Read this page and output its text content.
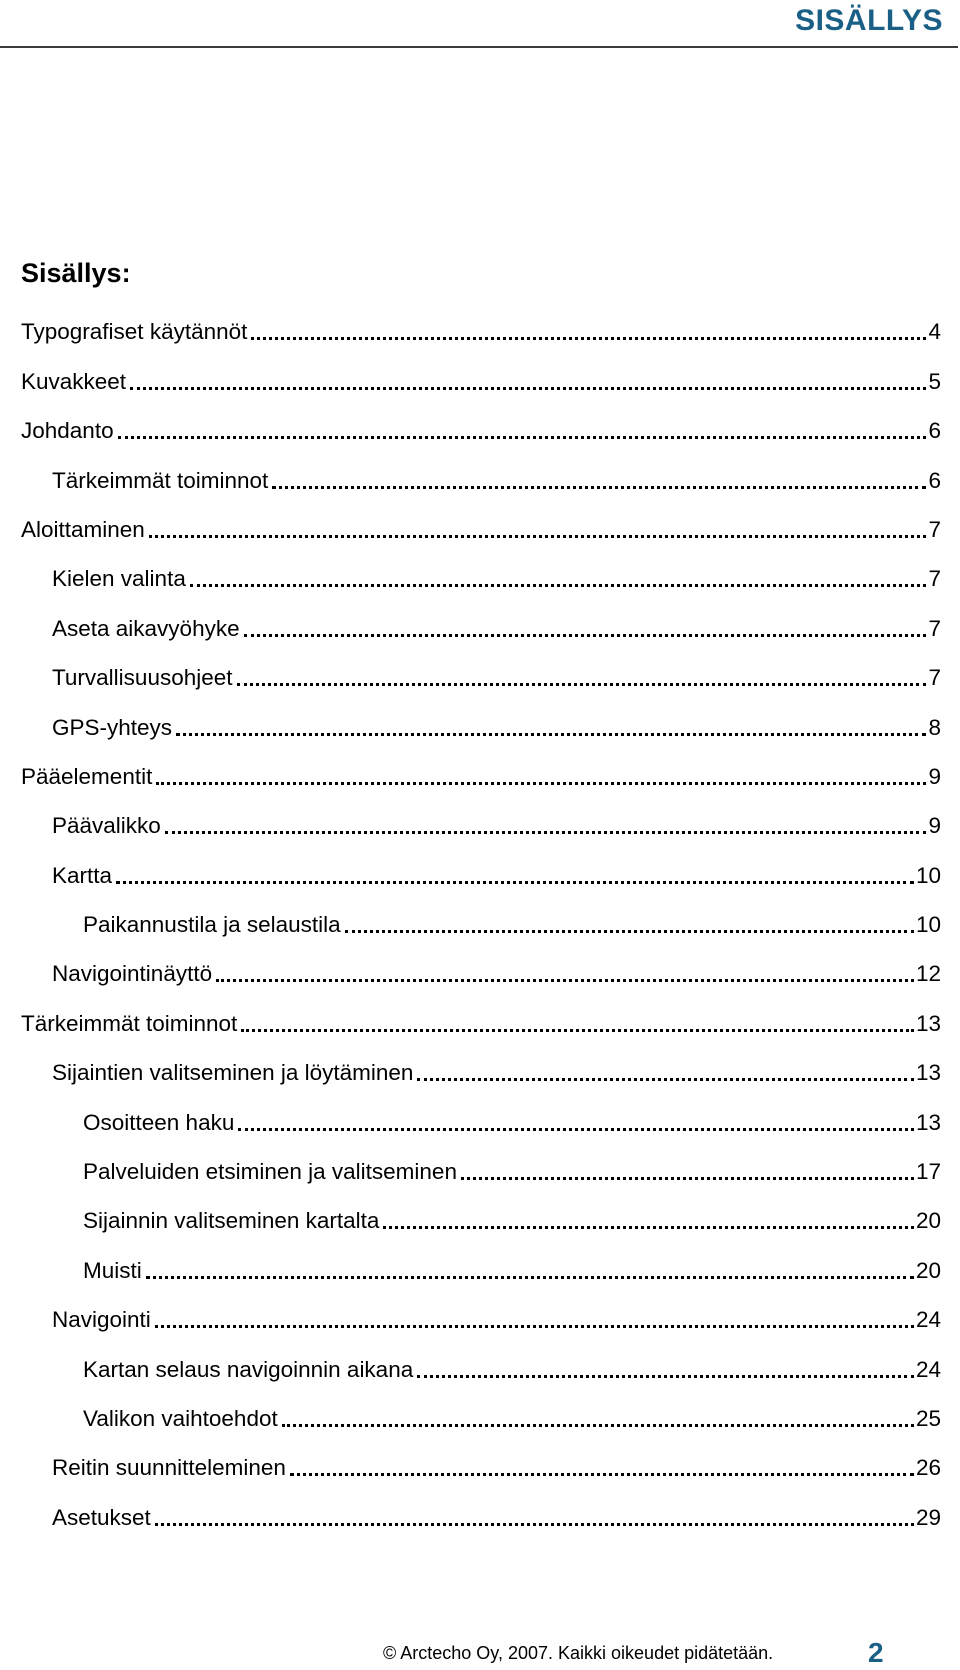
SISÄLLYS
Sisällys:
Typografiset käytännöt	4
Kuvakkeet	5
Johdanto	6
Tärkeimmät toiminnot	6
Aloittaminen	7
Kielen valinta	7
Aseta aikavyöhyke	7
Turvallisuusohjeet	7
GPS-yhteys	8
Pääelementit	9
Päävalikko	9
Kartta	10
Paikannustila ja selaustila	10
Navigointinäyttö	12
Tärkeimmät toiminnot	13
Sijaintien valitseminen ja löytäminen	13
Osoitteen haku	13
Palveluiden etsiminen ja valitseminen	17
Sijainnin valitseminen kartalta	20
Muisti	20
Navigointi	24
Kartan selaus navigoinnin aikana	24
Valikon vaihtoehdot	25
Reitin suunnitteleminen	26
Asetukset	29
© Arctecho Oy, 2007. Kaikki oikeudet pidätetään.	2
